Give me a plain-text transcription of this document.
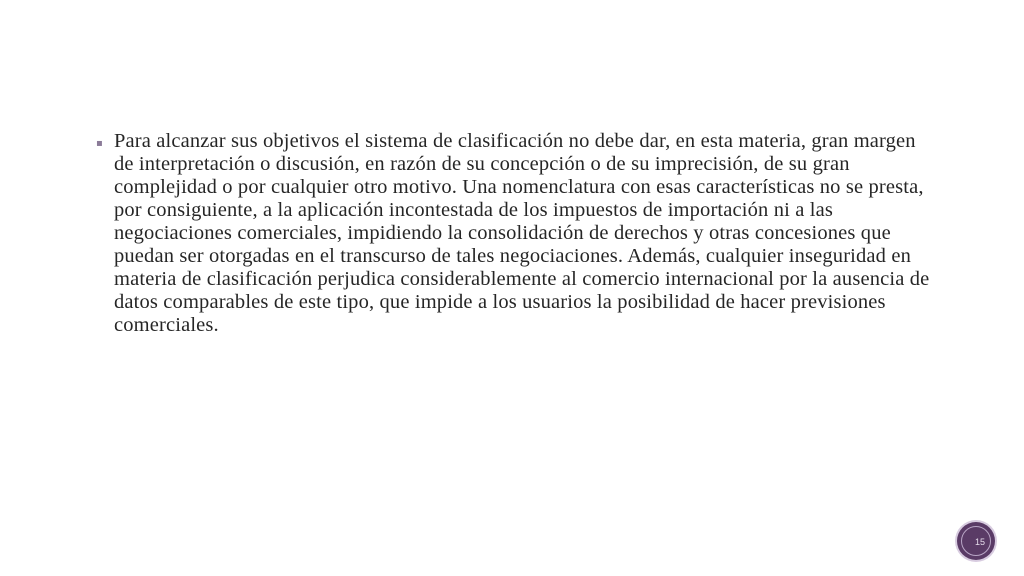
▪ Para alcanzar sus objetivos el sistema de clasificación no debe dar, en esta materia, gran margen de interpretación o discusión, en razón de su concepción o de su imprecisión, de su gran complejidad o por cualquier otro motivo. Una nomenclatura con esas características no se presta, por consiguiente, a la aplicación incontestada de los impuestos de importación ni a las negociaciones comerciales, impidiendo la consolidación de derechos y otras concesiones que puedan ser otorgadas en el transcurso de tales negociaciones. Además, cualquier inseguridad en materia de clasificación perjudica considerablemente al comercio internacional por la ausencia de datos comparables de este tipo, que impide a los usuarios la posibilidad de hacer previsiones comerciales.
15
